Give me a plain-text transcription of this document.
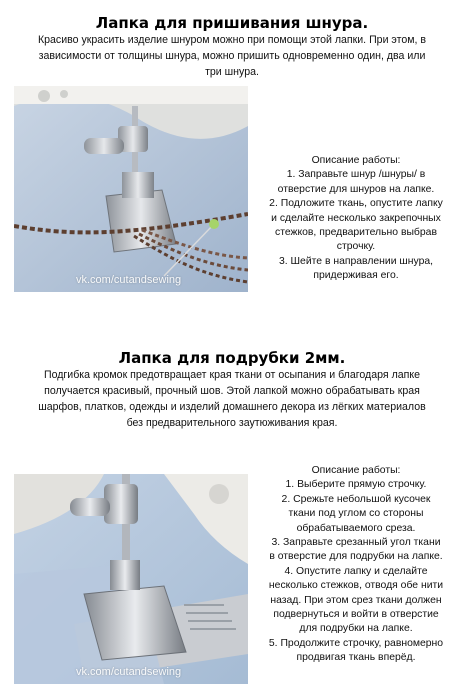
Лапка для пришивания шнура.
Красиво украсить изделие шнуром можно при помощи этой лапки. При этом, в
зависимости от толщины шнура, можно пришить одновременно один, два или
три шнура.
vk.com/cutandsewing

Описание работы:

1. Заправьте шнур /шнуры/ в
отверстие для шнуров на лапке.

2. Подложите ткань, опустите лапку
и сделайте несколько закрепочных
стежков, предварительно выбрав
строчку.

3. Шейте в направлении шнура,
придерживая его.

Лапка для подрубки 2мм.
Подгибка кромок предотвращает края ткани от осыпания и благодаря лапке
получается красивый, прочный шов. Этой лапкой можно обрабатывать края
шарфов, платков, одежды и изделий домашнего декора из лёгких материалов
без предварительного заутюживания края.
vk.com/cutandsewing

Описание работы:

1. Выберите прямую строчку.

2. Срежьте небольшой кусочек
ткани под углом со стороны
обрабатываемого среза.

3. Заправьте срезанный угол ткани
в отверстие для подрубки на лапке.

4. Опустите лапку и сделайте
несколько стежков, отводя обе нити
назад. При этом срез ткани должен
подвернуться и войти в отверстие
для подрубки на лапке.

5. Продолжите строчку, равномерно
продвигая ткань вперёд.
